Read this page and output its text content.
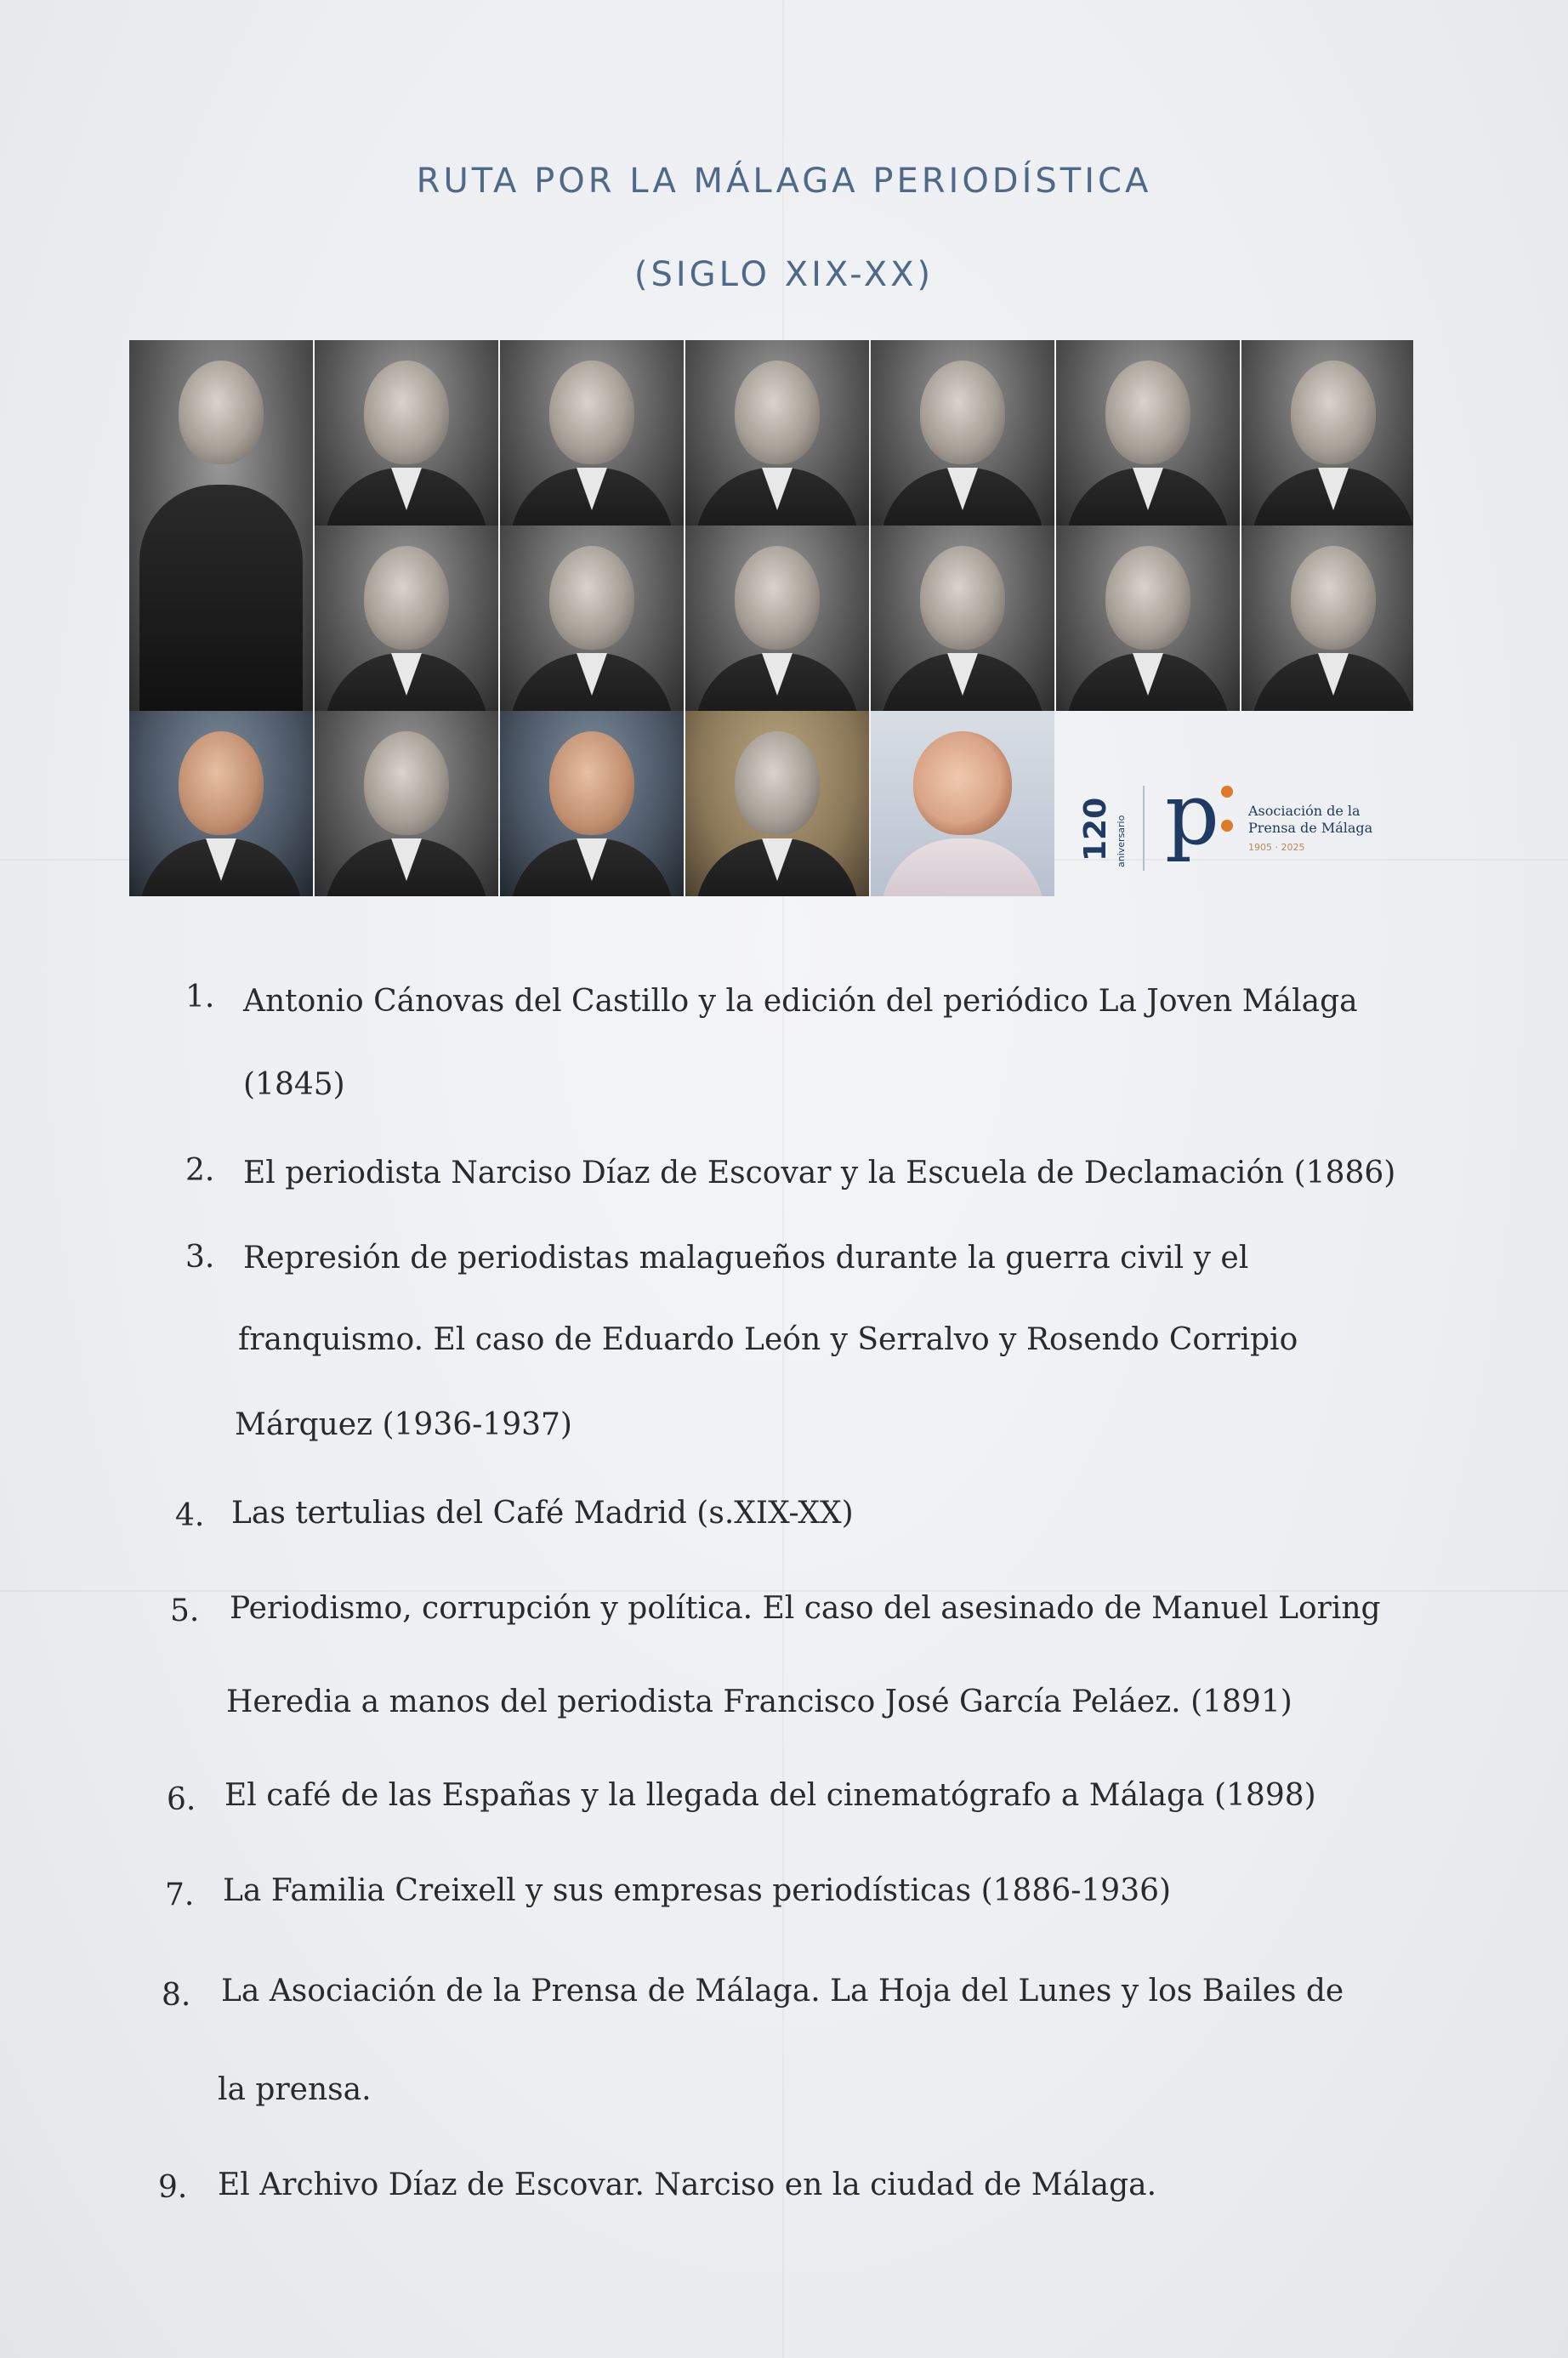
RUTA POR LA MÁLAGA PERIODÍSTICA
(SIGLO XIX-XX)
120 aniversario p Asociación de la
Prensa de Málaga
1905 · 2025
1. Antonio Cánovas del Castillo y la edición del periódico La Joven Málaga
(1845)
2. El periodista Narciso Díaz de Escovar y la Escuela de Declamación (1886)
3. Represión de periodistas malagueños durante la guerra civil y el
franquismo. El caso de Eduardo León y Serralvo y Rosendo Corripio
Márquez (1936-1937)
4. Las tertulias del Café Madrid (s.XIX-XX)
5. Periodismo, corrupción y política. El caso del asesinado de Manuel Loring
Heredia a manos del periodista Francisco José García Peláez. (1891)
6. El café de las Españas y la llegada del cinematógrafo a Málaga (1898)
7. La Familia Creixell y sus empresas periodísticas (1886-1936)
8. La Asociación de la Prensa de Málaga. La Hoja del Lunes y los Bailes de
la prensa.
9. El Archivo Díaz de Escovar. Narciso en la ciudad de Málaga.
